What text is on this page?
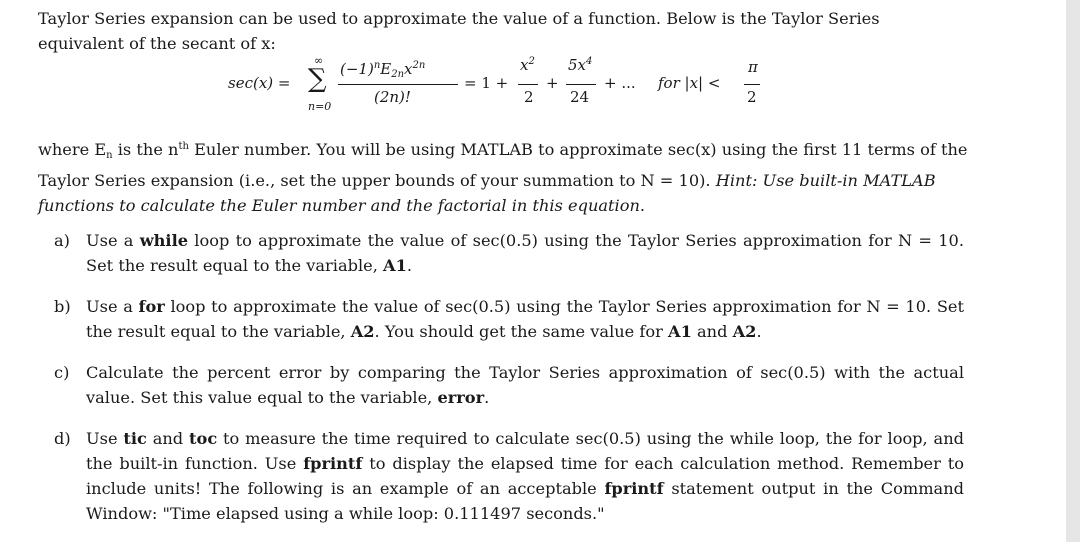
Taylor Series expansion can be used to approximate the value of a function. Below is the Taylor Series
equivalent of the secant of x:

sec(x) =
∞
∑
n=0
$(-1)^nE_{2n}x^{2n}$
(2n)!
= 1 +
$x^2$
2
+
$5x^4$
24
+ ... for |x| <
π
2

where $E_n$ is the $n^{th}$ Euler number. You will be using MATLAB to approximate sec(x) using the first 11 terms of the Taylor Series expansion (i.e., set the upper bounds of your summation to N = 10). Hint: Use built-in MATLAB functions to calculate the Euler number and the factorial in this equation.

a) Use a while loop to approximate the value of sec(0.5) using the Taylor Series approximation for N = 10. Set the result equal to the variable, A1.
b) Use a for loop to approximate the value of sec(0.5) using the Taylor Series approximation for N = 10. Set the result equal to the variable, A2. You should get the same value for A1 and A2.
c)	Calculate the percent error by comparing the Taylor Series approximation of sec(0.5) with the actual value. Set this value equal to the variable, error.
d) Use tic and toc to measure the time required to calculate sec(0.5) using the while loop, the for loop, and the built-in function. Use fprintf to display the elapsed time for each calculation method. Remember to include units! The following is an example of an acceptable fprintf statement output in the Command Window: "Time elapsed using a while loop: 0.111497 seconds."
